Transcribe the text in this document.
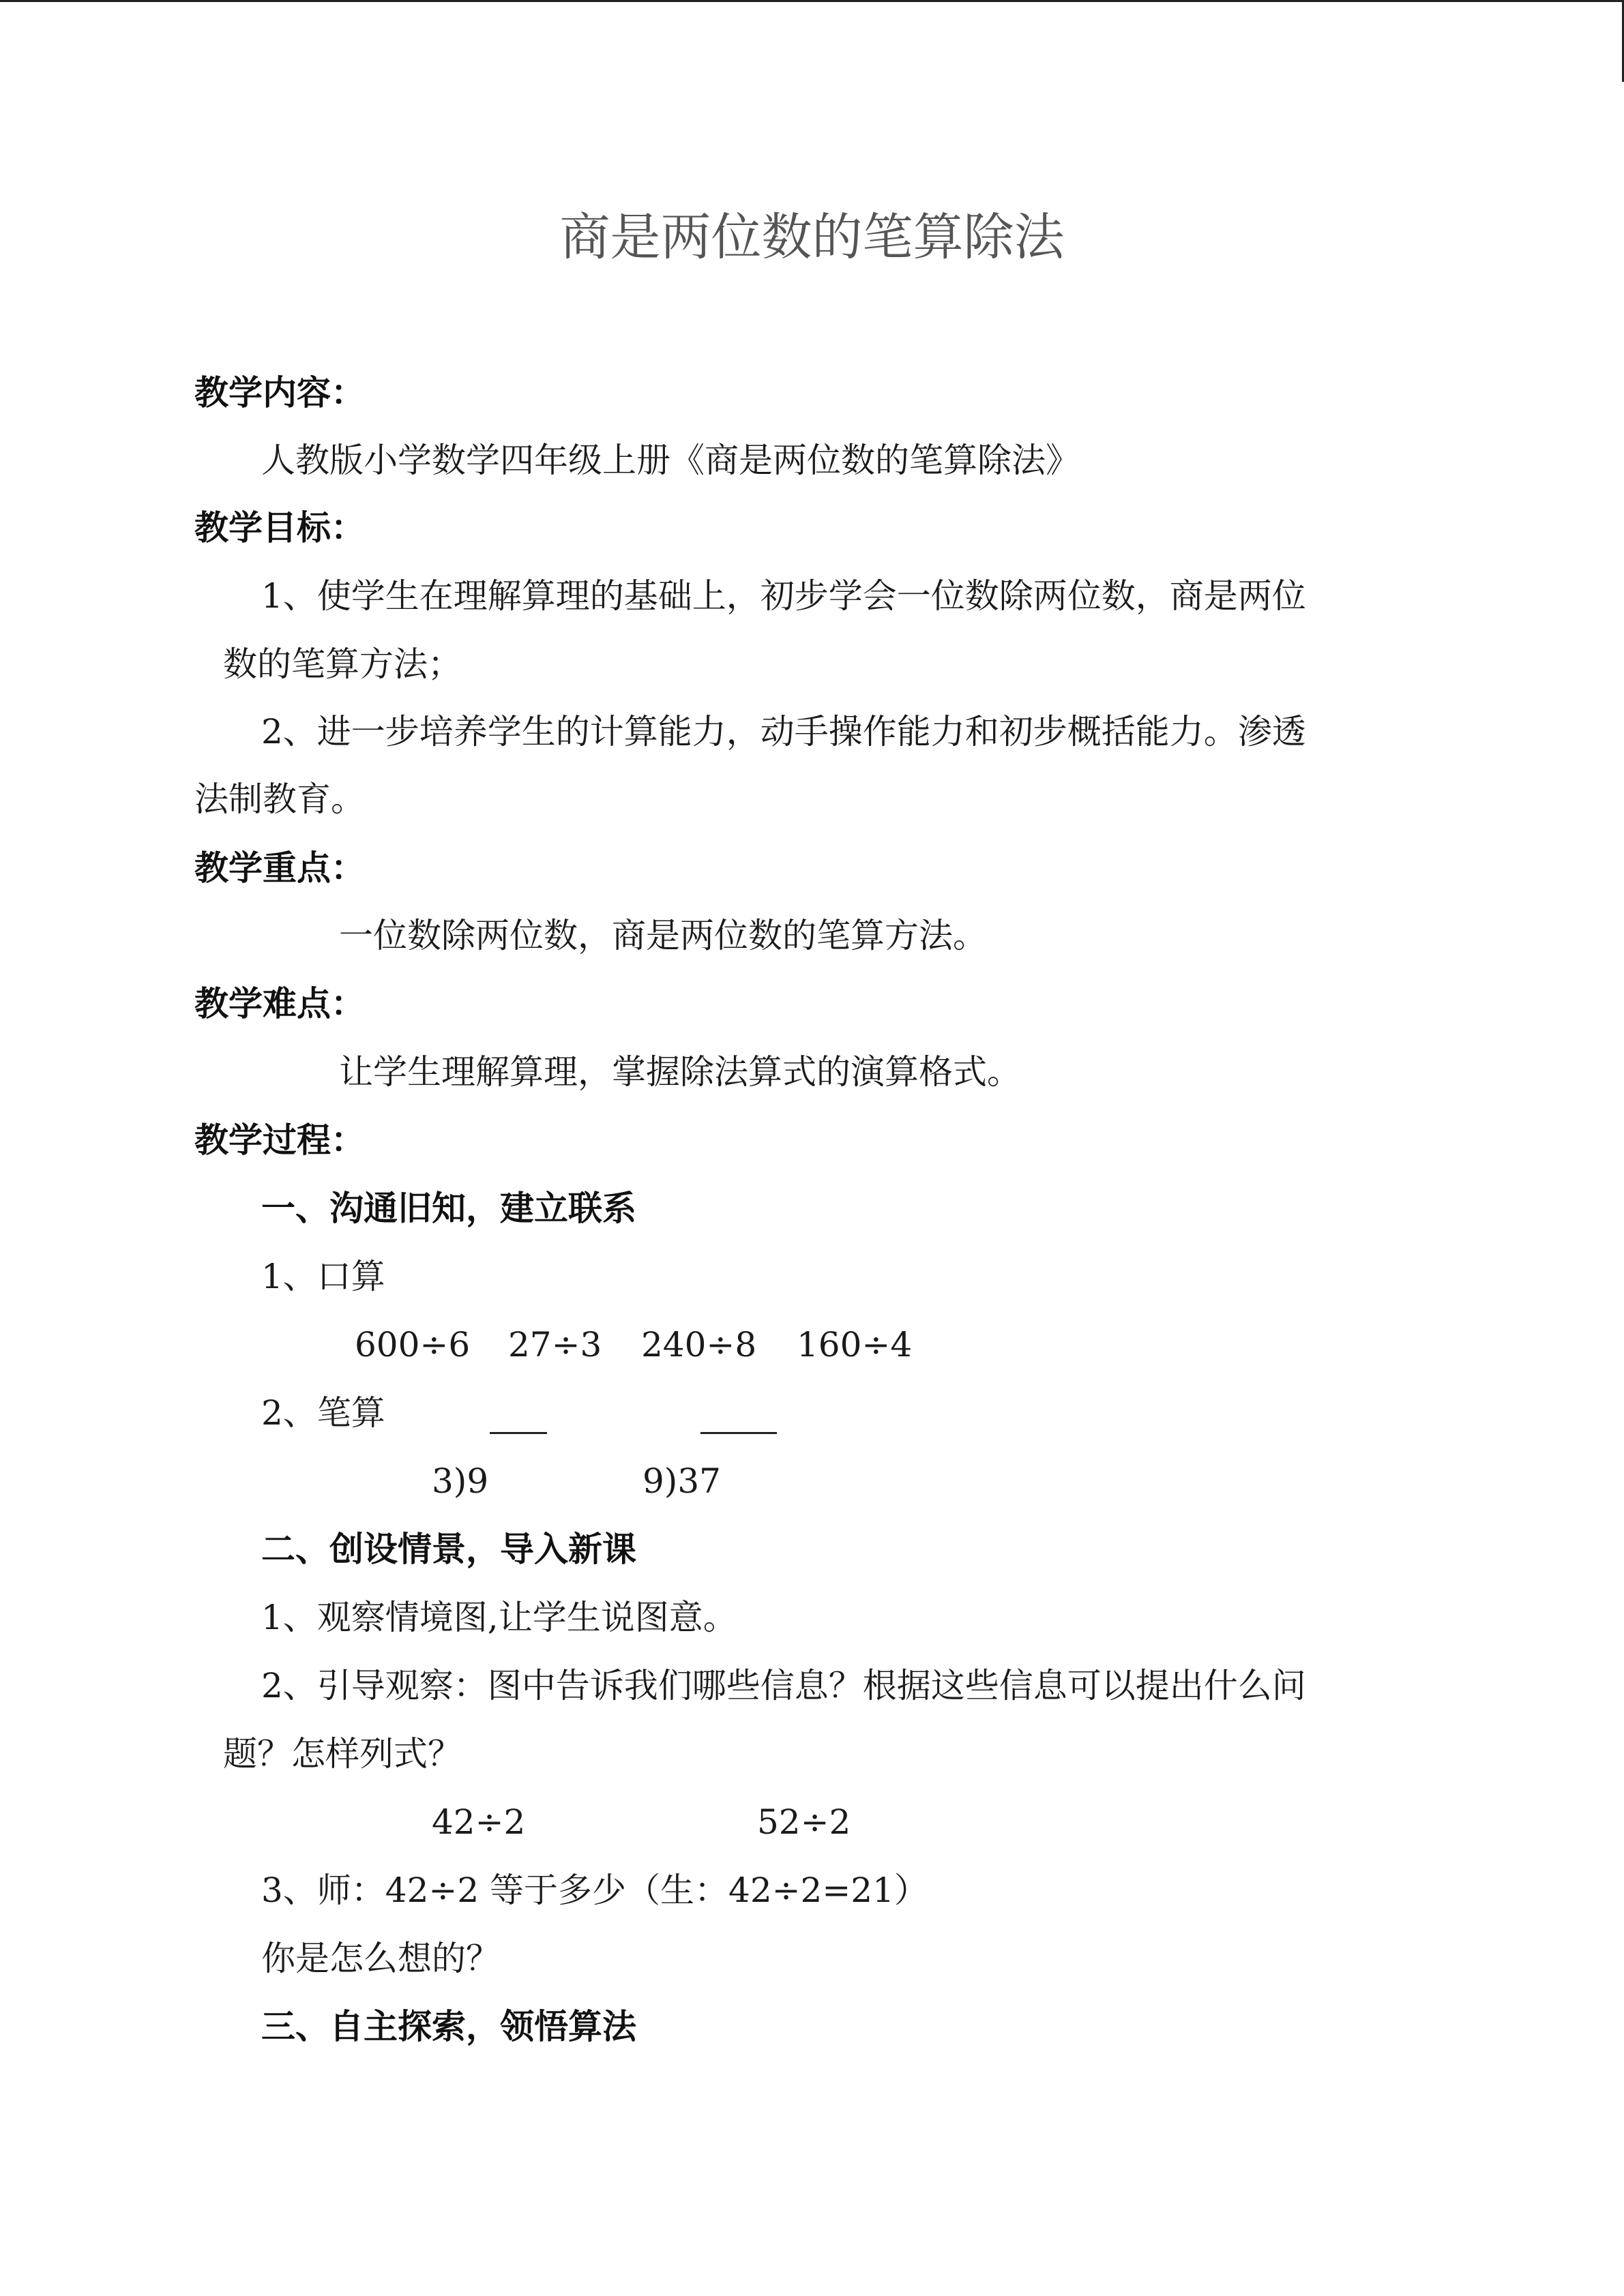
商是两位数的笔算除法
教学内容：
人教版小学数学四年级上册《商是两位数的笔算除法》
教学目标：
1、使学生在理解算理的基础上，初步学会一位数除两位数，商是两位
数的笔算方法；
2、进一步培养学生的计算能力，动手操作能力和初步概括能力。渗透
法制教育。
教学重点：
一位数除两位数，商是两位数的笔算方法。
教学难点：
让学生理解算理，掌握除法算式的演算格式。
教学过程：
一、沟通旧知，建立联系
1、口算
600÷6 27÷3 240÷8 160÷4
2、笔算
3)9	9)37
二、创设情景，导入新课
1、观察情境图,让学生说图意。
2、引导观察：图中告诉我们哪些信息？根据这些信息可以提出什么问
题？怎样列式？
42÷2	52÷2
3、师：42÷2 等于多少（生：42÷2=21）
你是怎么想的？
三、自主探索，领悟算法
